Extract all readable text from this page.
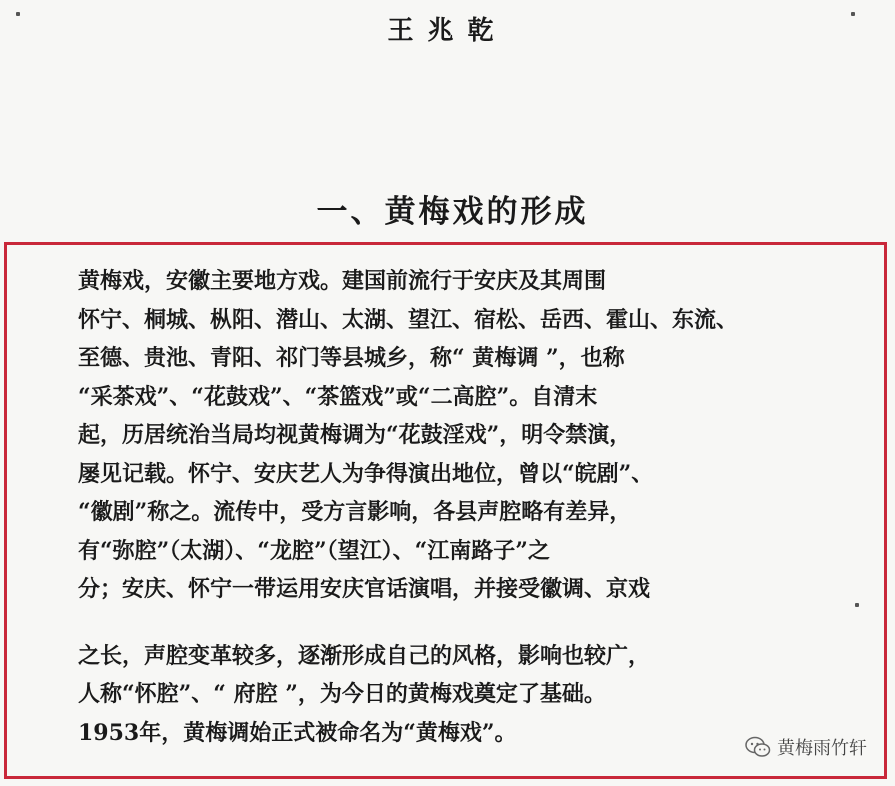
王兆乾
一、黄梅戏的形成
黄梅戏，安徽主要地方戏。建国前流行于安庆及其周围
怀宁、桐城、枞阳、潜山、太湖、望江、宿松、岳西、霍山、东流、
至德、贵池、青阳、祁门等县城乡，称“ 黄梅调 ”，也称
“采茶戏”、“花鼓戏”、“茶篮戏”或“二高腔”。自清末
起，历居统治当局均视黄梅调为“花鼓淫戏”，明令禁演，
屡见记载。怀宁、安庆艺人为争得演出地位，曾以“皖剧”、
“徽剧”称之。流传中，受方言影响，各县声腔略有差异，
有“弥腔”（太湖）、“龙腔”（望江）、“江南路子”之
分；安庆、怀宁一带运用安庆官话演唱，并接受徽调、京戏
之长，声腔变革较多，逐渐形成自己的风格，影响也较广，
人称“怀腔”、“ 府腔 ”，为今日的黄梅戏奠定了基础。
1953年，黄梅调始正式被命名为“黄梅戏”。
黄梅雨竹轩
